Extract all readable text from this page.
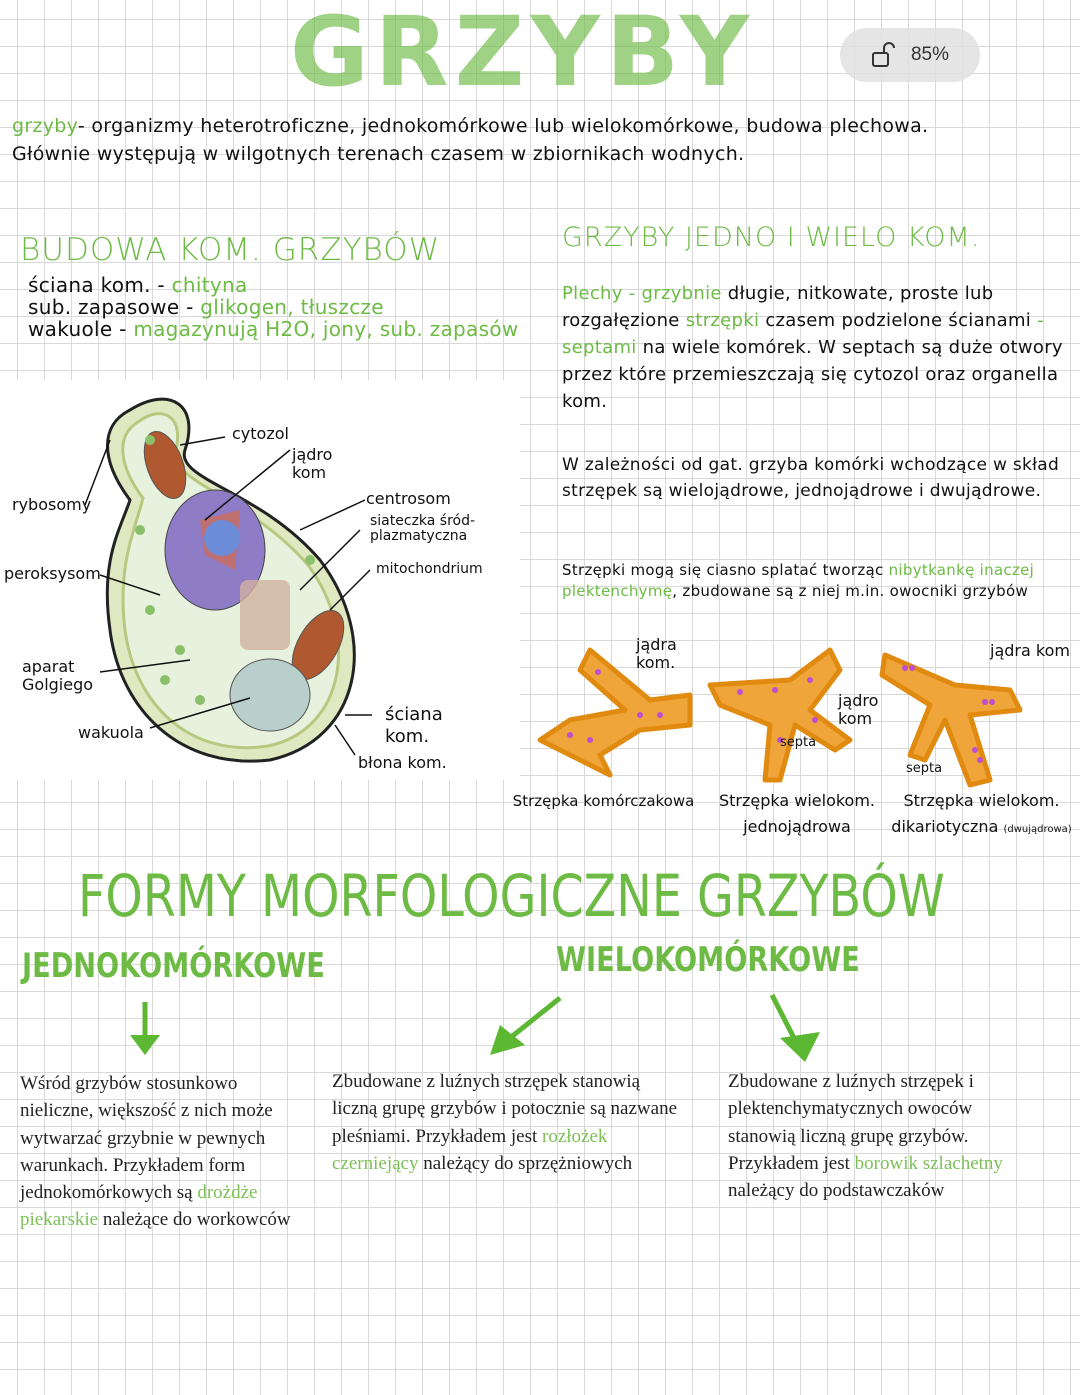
GRZYBY	85%
grzyby- organizmy heterotroficzne, jednokomórkowe lub wielokomórkowe, budowa plechowa. Głównie występują w wilgotnych terenach czasem w zbiornikach wodnych.
BUDOWA KOM. GRZYBÓW
ściana kom. - chityna
sub. zapasowe - glikogen, tłuszcze
wakuole - magazynują H2O, jony, sub. zapasów
cytozol
jądro kom
rybosomy	centrosom
siateczka śród-plazmatyczna
mitochondrium
peroksysom
aparat Golgiego
wakuola
ściana kom.
błona kom.
GRZYBY JEDNO I WIELO KOM.
Plechy - grzybnie długie, nitkowate, proste lub rozgałęzione strzępki czasem podzielone ścianami - septami na wiele komórek. W septach są duże otwory przez które przemieszczają się cytozol oraz organella kom.
W zależności od gat. grzyba komórki wchodzące w skład strzępek są wielojądrowe, jednojądrowe i dwujądrowe.
Strzępki mogą się ciasno splatać tworząc nibytkankę inaczej plektenchymę, zbudowane są z niej m.in. owocniki grzybów
jądra kom.
jądro kom
septa
jądra kom
septa
Strzępka komórczakowa	Strzępka wielokom. jednojądrowa
Strzępka wielokom. dikariotyczna (dwujądrowa)
FORMY MORFOLOGICZNE GRZYBÓW
JEDNOKOMÓRKOWE	WIELOKOMÓRKOWE
Wśród grzybów stosunkowo nieliczne, większość z nich może wytwarzać grzybnie w pewnych warunkach. Przykładem form jednokomórkowych są drożdże piekarskie należące do workowców
Zbudowane z luźnych strzępek stanowią liczną grupę grzybów i potocznie są nazwane pleśniami. Przykładem jest rozłożek czerniejący należący do sprzężniowych
Zbudowane z luźnych strzępek i plektenchymatycznych owoców stanowią liczną grupę grzybów. Przykładem jest borowik szlachetny należący do podstawczaków
